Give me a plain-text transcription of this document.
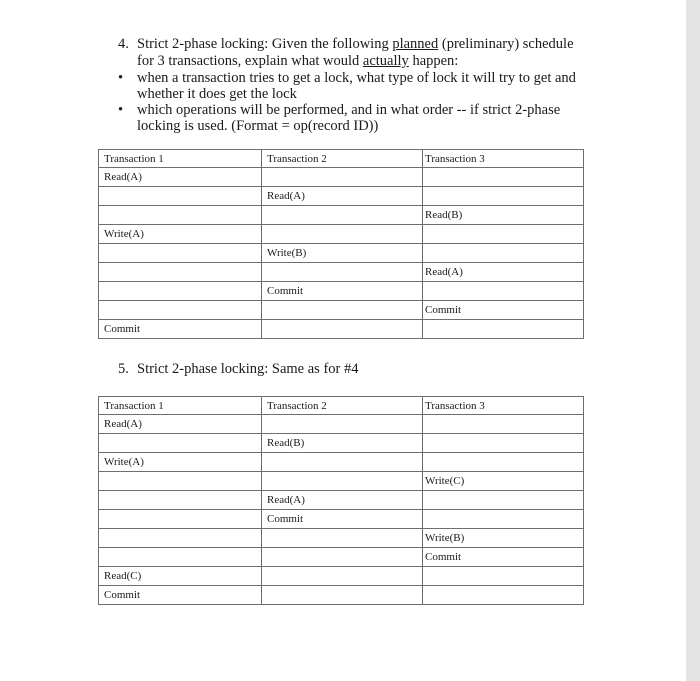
4. Strict 2-phase locking: Given the following planned (preliminary) schedule for 3 transactions, explain what would actually happen:
• when a transaction tries to get a lock, what type of lock it will try to get and whether it does get the lock
• which operations will be performed, and in what order -- if strict 2-phase locking is used. (Format = op(record ID))
Transaction 1	Transaction 2	Transaction 3
Read(A)		
	Read(A)	
		Read(B)
Write(A)		
	Write(B)	
		Read(A)
	Commit	
		Commit
Commit		
5. Strict 2-phase locking: Same as for #4
Transaction 1	Transaction 2	Transaction 3
Read(A)		
	Read(B)	
Write(A)		
		Write(C)
	Read(A)	
	Commit	
		Write(B)
		Commit
Read(C)		
Commit		
